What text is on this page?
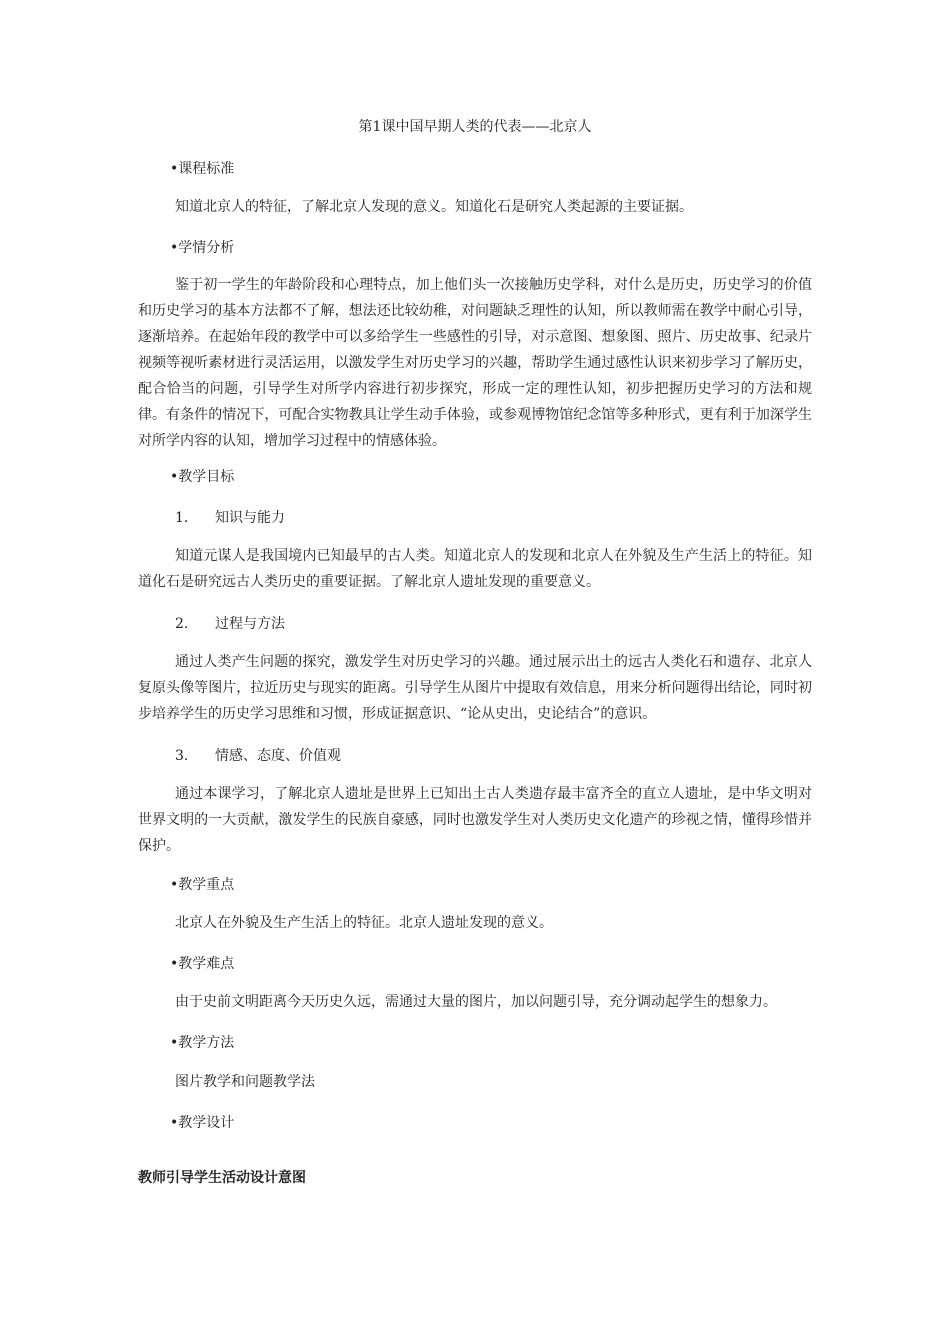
第1课中国早期人类的代表——北京人

•课程标准

知道北京人的特征，了解北京人发现的意义。知道化石是研究人类起源的主要证据。

•学情分析

鉴于初一学生的年龄阶段和心理特点，加上他们头一次接触历史学科，对什么是历史，历史学习的价值和历史学习的基本方法都不了解，想法还比较幼稚，对问题缺乏理性的认知，所以教师需在教学中耐心引导，逐渐培养。在起始年段的教学中可以多给学生一些感性的引导，对示意图、想象图、照片、历史故事、纪录片视频等视听素材进行灵活运用，以激发学生对历史学习的兴趣，帮助学生通过感性认识来初步学习了解历史，配合恰当的问题，引导学生对所学内容进行初步探究，形成一定的理性认知，初步把握历史学习的方法和规律。有条件的情况下，可配合实物教具让学生动手体验，或参观博物馆纪念馆等多种形式，更有利于加深学生对所学内容的认知，增加学习过程中的情感体验。

•教学目标

1. 知识与能力

知道元谋人是我国境内已知最早的古人类。知道北京人的发现和北京人在外貌及生产生活上的特征。知道化石是研究远古人类历史的重要证据。了解北京人遗址发现的重要意义。

2. 过程与方法

通过人类产生问题的探究，激发学生对历史学习的兴趣。通过展示出土的远古人类化石和遗存、北京人复原头像等图片，拉近历史与现实的距离。引导学生从图片中提取有效信息，用来分析问题得出结论，同时初步培养学生的历史学习思维和习惯，形成证据意识、“论从史出，史论结合”的意识。

3. 情感、态度、价值观

通过本课学习，了解北京人遗址是世界上已知出土古人类遗存最丰富齐全的直立人遗址，是中华文明对世界文明的一大贡献，激发学生的民族自豪感，同时也激发学生对人类历史文化遗产的珍视之情，懂得珍惜并保护。

•教学重点

北京人在外貌及生产生活上的特征。北京人遗址发现的意义。

•教学难点

由于史前文明距离今天历史久远，需通过大量的图片，加以问题引导，充分调动起学生的想象力。

•教学方法

图片教学和问题教学法

•教学设计

教师引导学生活动设计意图
